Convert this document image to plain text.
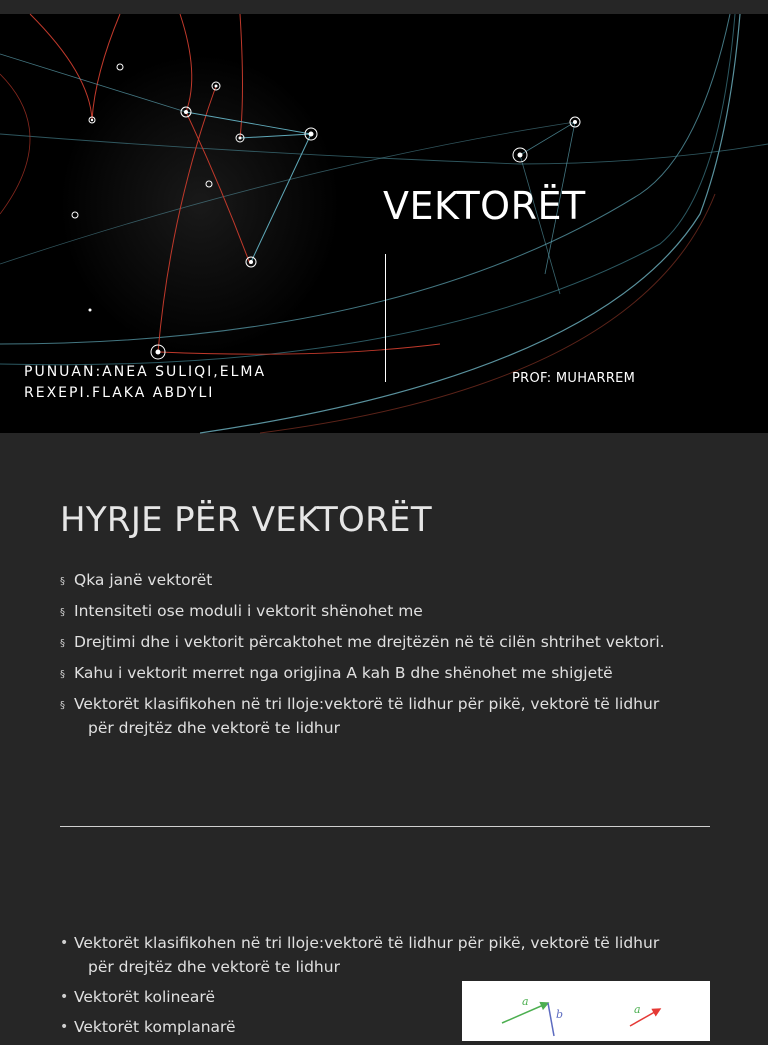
VEKTORËT
PUNUAN:ANEA SULIQI,ELMA REXEPI.FLAKA ABDYLI
PROF: MUHARREM
HYRJE PËR VEKTORËT
§ Qka janë vektorët
§ Intensiteti ose moduli i vektorit shënohet me
§ Drejtimi dhe i vektorit përcaktohet me drejtëzën në të cilën shtrihet vektori.
§ Kahu i vektorit merret nga origjina A kah B dhe shënohet me shigjetë
§ Vektorët klasifikohen në tri lloje:vektorë të lidhur për pikë, vektorë të lidhur
për drejtëz dhe vektorë te lidhur
• Vektorët klasifikohen në tri lloje:vektorë të lidhur për pikë, vektorë të lidhur
për drejtëz dhe vektorë te lidhur
• Vektorët kolinearë
• Vektorët komplanarë
a
b	a
